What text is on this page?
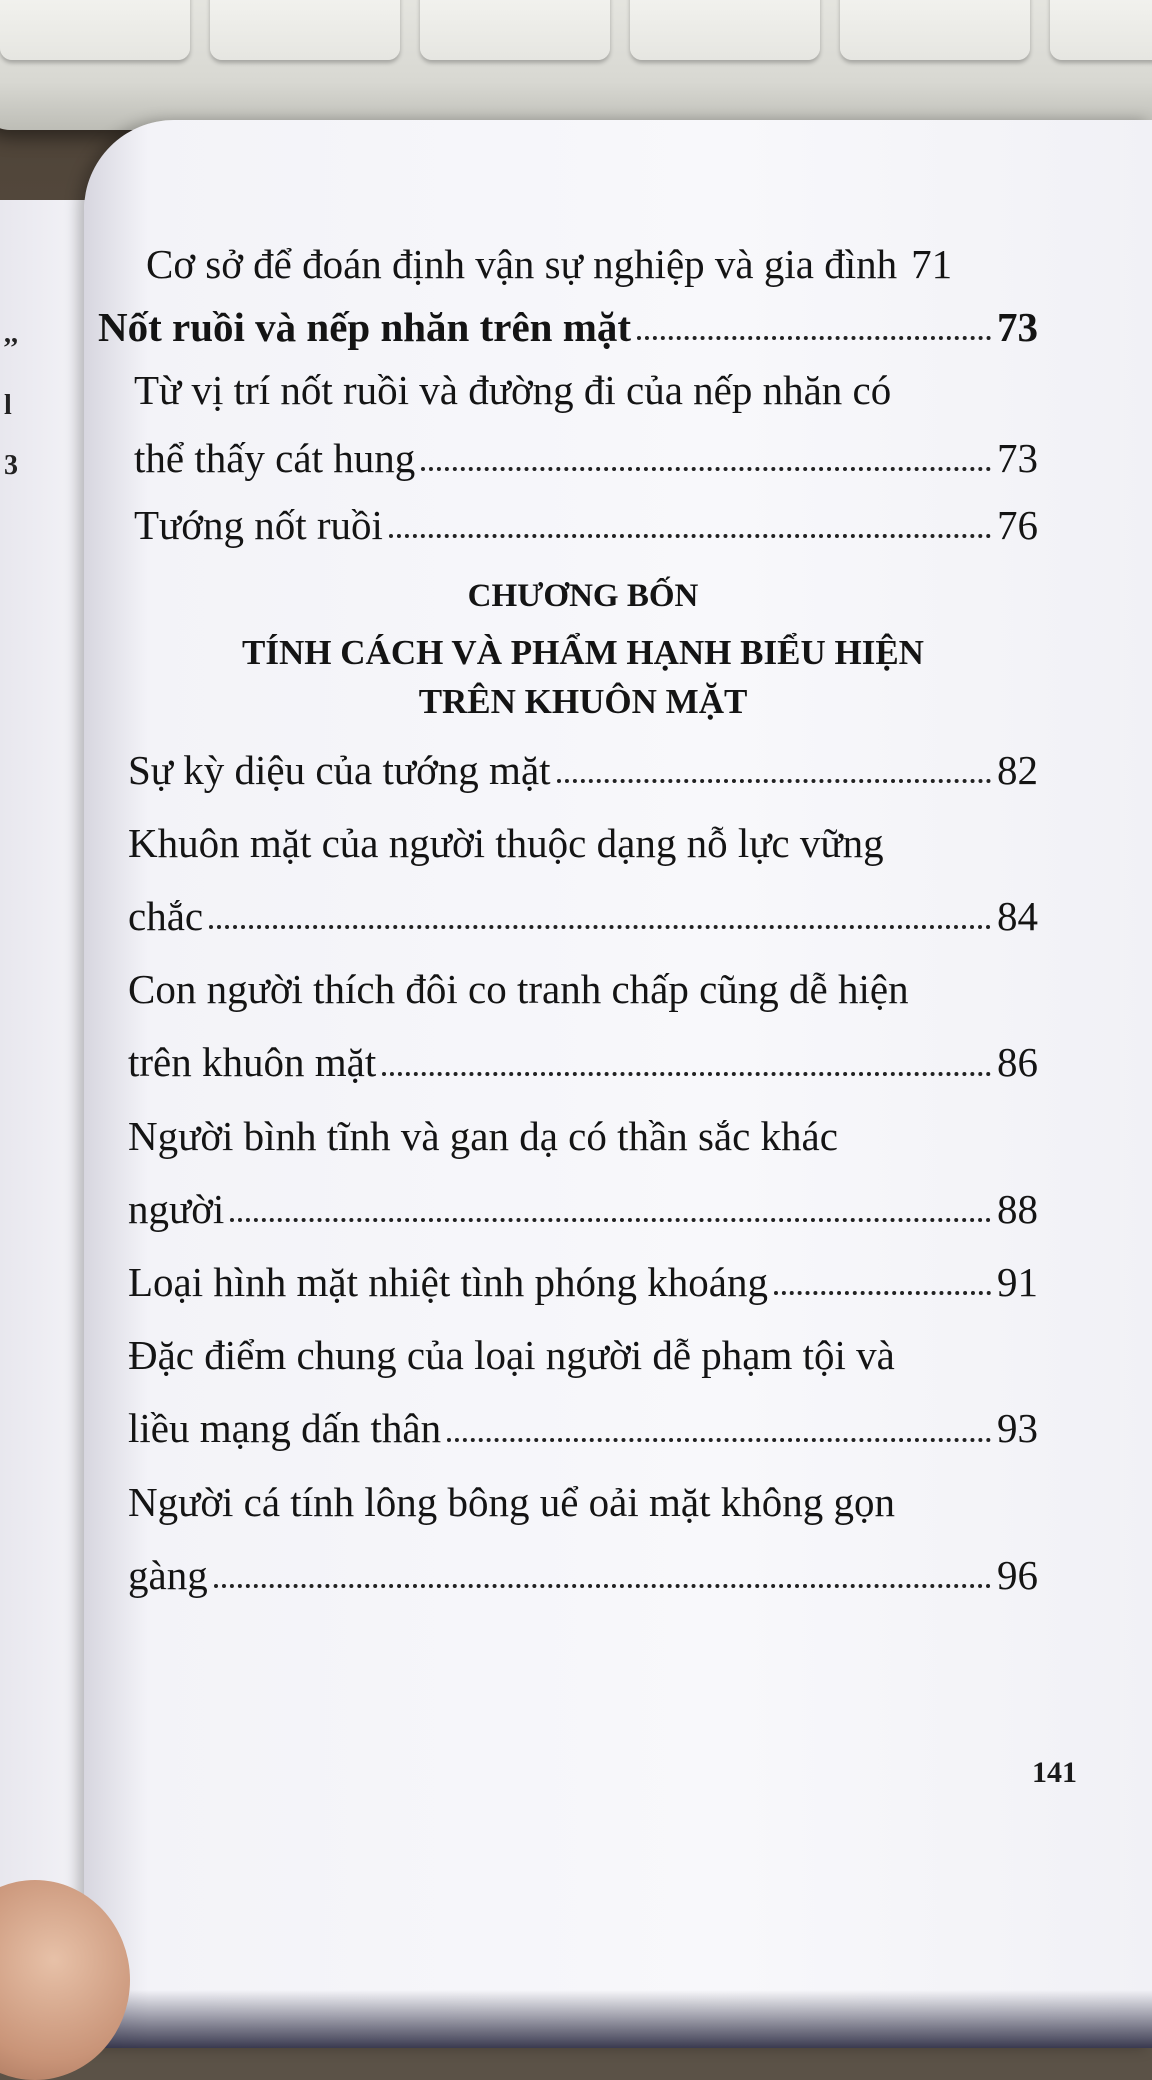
,,
l
3
Cơ sở để đoán định vận sự nghiệp và gia đình 71
Nốt ruồi và nếp nhăn trên mặt	73
Từ vị trí nốt ruồi và đường đi của nếp nhăn có
thể thấy cát hung	73
Tướng nốt ruồi	76
CHƯƠNG BỐN
TÍNH CÁCH VÀ PHẨM HẠNH BIỂU HIỆN
TRÊN KHUÔN MẶT
Sự kỳ diệu của tướng mặt	82
Khuôn mặt của người thuộc dạng nỗ lực vững
chắc	84
Con người thích đôi co tranh chấp cũng dễ hiện
trên khuôn mặt	86
Người bình tĩnh và gan dạ có thần sắc khác
người	88
Loại hình mặt nhiệt tình phóng khoáng	91
Đặc điểm chung của loại người dễ phạm tội và
liều mạng dấn thân	93
Người cá tính lông bông uể oải mặt không gọn
gàng	96
141
